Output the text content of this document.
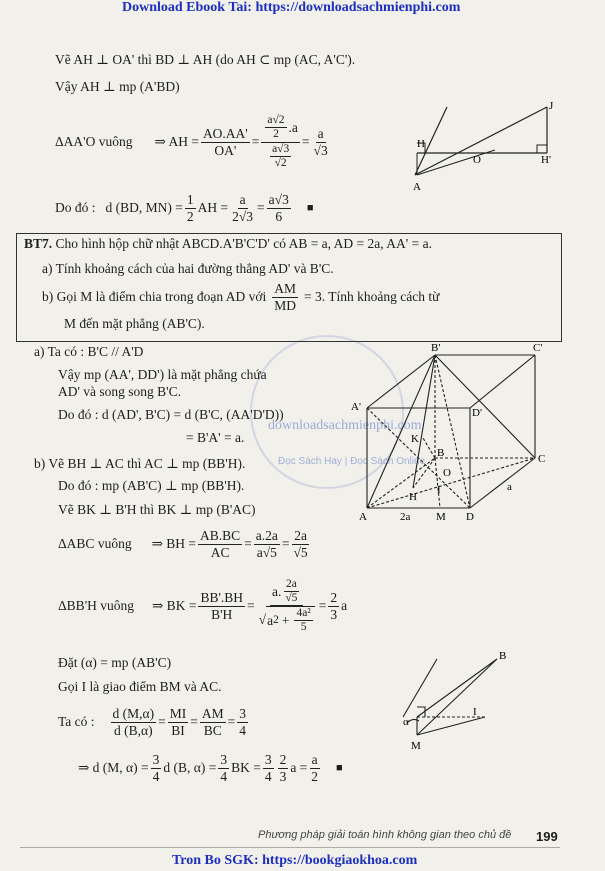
Download Ebook Tai: https://downloadsachmienphi.com
Tron Bo SGK: https://bookgiaokhoa.com
downloadsachmienphi.com
Đọc Sách Hay | Đọc Sách Online
Vẽ AH ⊥ OA' thì BD ⊥ AH (do AH ⊂ mp (AC, A'C').
Vậy AH ⊥ mp (A'BD)
ΔAA'O vuông ⇒ AH = $\frac{AO.AA'}{OA'} = \frac{\frac{a√2}{2} .a}{\frac{a√3}{√2}} = \frac{a}{√3}$
Do đó : d (BD, $MN) = \frac{1}{2}$ AH = $\frac{a}{2√3} = \frac{a√3}{6}$ ■
J
H
O	H'
A
BT7. Cho hình hộp chữ nhật ABCD.A'B'C'D' có AB = a, AD = 2a, AA' = a.
a) Tính khoảng cách của hai đường thẳng AD' và B'C.
b) Gọi M là điểm chia trong đoạn AD với $\frac{AM}{MD} = 3$. Tính khoảng cách từ
M đến mặt phẳng (AB'C).
a) Ta có : B'C // A'D
Vậy mp (AA', DD') là mặt phẳng chứa
AD' và song song B'C.
Do đó : d (AD', B'C) = d (B'C, (AA'D'D))
= B'A' = a.
b) Vẽ BH ⊥ AC thì AC ⊥ mp (BB'H).
Do đó : mp (AB'C) ⊥ mp (BB'H).
Vẽ BK ⊥ B'H thì BK ⊥ mp (B'AC)
ΔABC vuông ⇒ BH = $\frac{AB.BC}{AC} = \frac{a.2a}{a√5} = \frac{2a}{√5}$
ΔBB'H vuông ⇒ BK = $\frac{BB'.BH}{B'H} = \frac{a. \frac{2a}{√5}}{√ a 2 + \frac{\text{4a²}}{5}} = \frac{2}{3}$ a
Đặt (α) = mp (AB'C)
Gọi I là giao điểm BM và AC.
Ta có : $\frac{d (M,\alpha)}{d (B,\alpha)} = \frac{MI}{BI} = \frac{AM}{BC} = \frac{3}{4}$
⇒ d (M, $\alpha) = \frac{3}{4}$ d (B, $\alpha) = \frac{3}{4}$ BK = $\frac{3}{4} \frac{2}{3}$ $a = \frac{a}{2}$ ■
B'	C'
A'	D'
K
B
O
I
H
C
A	M D
2a
a
B
α
I
M
Phương pháp giải toán hình không gian theo chủ đề 199
